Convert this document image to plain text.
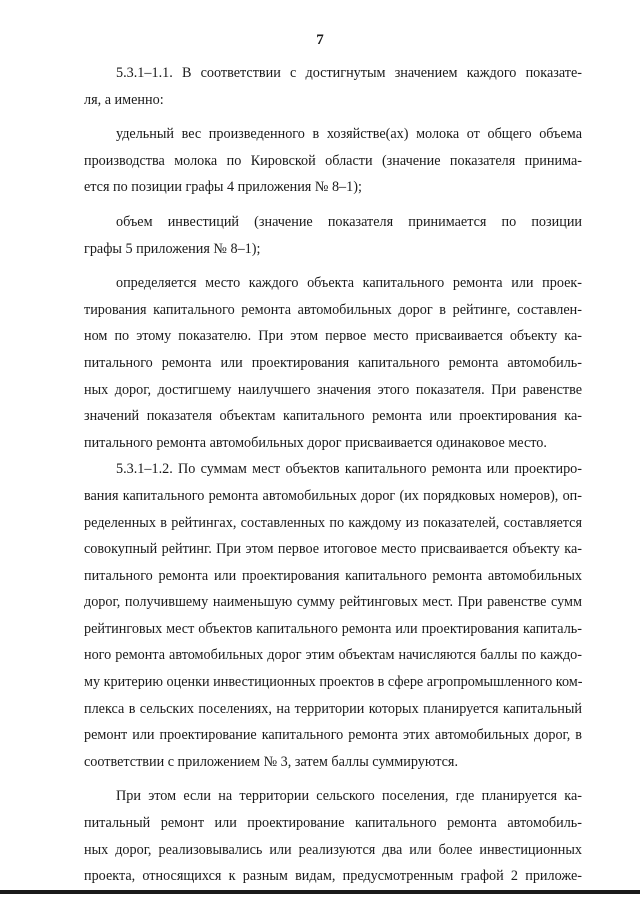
7
5.3.1–1.1. В соответствии с достигнутым значением каждого показате-
ля, а именно:
удельный вес произведенного в хозяйстве(ах) молока от общего объема
производства молока по Кировской области (значение показателя принима-
ется по позиции графы 4 приложения № 8–1);
объем инвестиций (значение показателя принимается по позиции
графы 5 приложения № 8–1);
определяется место каждого объекта капитального ремонта или проек-
тирования капитального ремонта автомобильных дорог в рейтинге, составлен-
ном по этому показателю. При этом первое место присваивается объекту ка-
питального ремонта или проектирования капитального ремонта автомобиль-
ных дорог, достигшему наилучшего значения этого показателя. При равенстве
значений показателя объектам капитального ремонта или проектирования ка-
питального ремонта автомобильных дорог присваивается одинаковое место.
5.3.1–1.2. По суммам мест объектов капитального ремонта или проектиро-
вания капитального ремонта автомобильных дорог (их порядковых номеров), оп-
ределенных в рейтингах, составленных по каждому из показателей, составляется
совокупный рейтинг. При этом первое итоговое место присваивается объекту ка-
питального ремонта или проектирования капитального ремонта автомобильных
дорог, получившему наименьшую сумму рейтинговых мест. При равенстве сумм
рейтинговых мест объектов капитального ремонта или проектирования капиталь-
ного ремонта автомобильных дорог этим объектам начисляются баллы по каждо-
му критерию оценки инвестиционных проектов в сфере агропромышленного ком-
плекса в сельских поселениях, на территории которых планируется капитальный
ремонт или проектирование капитального ремонта этих автомобильных дорог, в
соответствии с приложением № 3, затем баллы суммируются.
При этом если на территории сельского поселения, где планируется ка-
питальный ремонт или проектирование капитального ремонта автомобиль-
ных дорог, реализовывались или реализуются два или более инвестиционных
проекта, относящихся к разным видам, предусмотренным графой 2 приложе-
